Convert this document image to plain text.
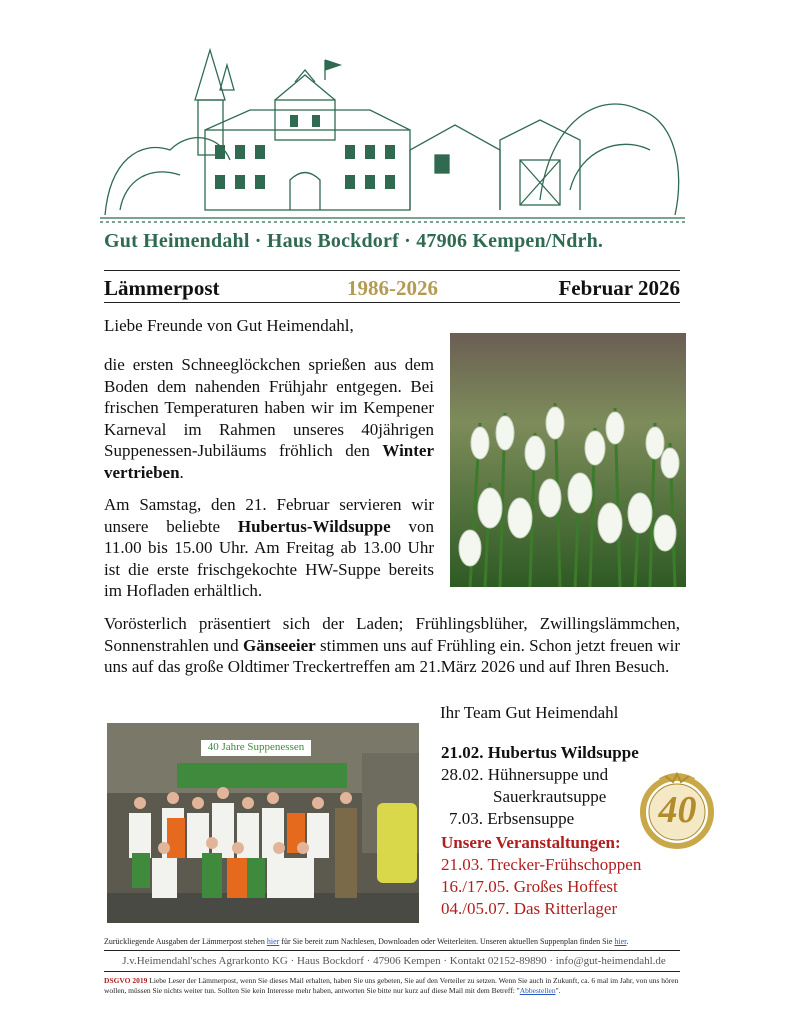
Gut Heimendahl · Haus Bockdorf · 47906 Kempen/Ndrh.
Lämmerpost	1986-2026	Februar 2026
Liebe Freunde von Gut Heimendahl,
die ersten Schneeglöckchen sprießen aus dem Boden dem nahenden Frühjahr entgegen. Bei frischen Temperaturen haben wir im Kempener Karneval im Rahmen unseres 40jährigen Suppenessen-Jubiläums fröhlich den Winter vertrieben.
Am Samstag, den 21. Februar servieren wir unsere beliebte Hubertus-Wildsuppe von 11.00 bis 15.00 Uhr. Am Freitag ab 13.00 Uhr ist die erste frischgekochte HW-Suppe bereits im Hofladen erhältlich.
Vorösterlich präsentiert sich der Laden; Frühlingsblüher, Zwillingslämmchen, Sonnenstrahlen und Gänseeier stimmen uns auf Frühling ein. Schon jetzt freuen wir uns auf das große Oldtimer Treckertreffen am 21.März 2026 und auf Ihren Besuch.
Ihr Team Gut Heimendahl
40 Jahre Suppenessen	21.02. Hubertus Wildsuppe
28.02. Hühnersuppe und
Sauerkrautsuppe
7.03. Erbsensuppe
Unsere Veranstaltungen:
21.03. Trecker-Frühschoppen
16./17.05. Großes Hoffest
04./05.07. Das Ritterlager
40
Zurückliegende Ausgaben der Lämmerpost stehen hier für Sie bereit zum Nachlesen, Downloaden oder Weiterleiten. Unseren aktuellen Suppenplan finden Sie hier.
J.v.Heimendahl'sches Agrarkonto KG · Haus Bockdorf · 47906 Kempen · Kontakt 02152-89890 · info@gut-heimendahl.de
DSGVO 2019 Liebe Leser der Lämmerpost, wenn Sie dieses Mail erhalten, haben Sie uns gebeten, Sie auf den Verteiler zu setzen. Wenn Sie auch in Zukunft, ca. 6 mal im Jahr, von uns hören wollen, müssen Sie nichts weiter tun. Sollten Sie kein Interesse mehr haben, antworten Sie bitte nur kurz auf diese Mail mit dem Betreff: "Abbestellen".
